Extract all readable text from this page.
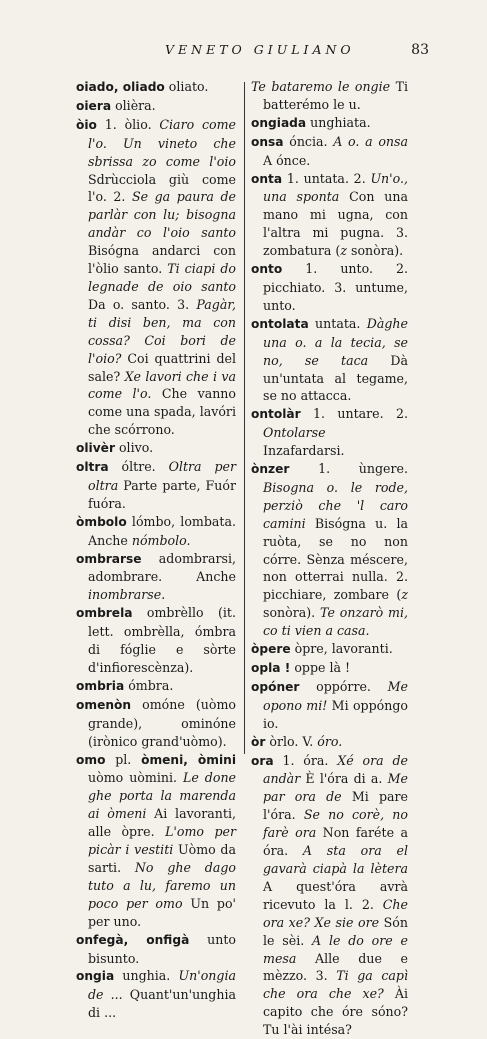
VENETO GIULIANO	83

oiado, oliado oliato.

oiera olièra.

òio 1. òlio. Ciaro come l'o. Un vineto che sbrissa zo come l'oio Sdrùcciola giù come l'o. 2. Se ga paura de parlàr con lu; bisogna andàr co l'oio santo Bisógna andarci con l'òlio santo. Ti ciapi do legnade de oio santo Da o. santo. 3. Pagàr, ti disi ben, ma con cossa? Coi bori de l'oio? Coi quattrini del sale? Xe lavori che i va come l'o. Che vanno come una spada, lavóri che scórrono.

olivèr olivo.

oltra óltre. Oltra per oltra Parte parte, Fuór fuóra.

òmbolo lómbo, lombata. Anche nómbolo.

ombrarse adombrarsi, adombrare. Anche inombrarse.

ombrela ombrèllo (it. lett. ombrèlla, ómbra di fóglie e sòrte d'infiorescènza).

ombria ómbra.

omenòn omóne (uòmo grande), ominóne (irònico grand'uòmo).

omo pl. òmeni, òmini uòmo uòmini. Le done ghe porta la marenda ai òmeni Ai lavoranti, alle òpre. L'omo per picàr i vestiti Uòmo da sarti. No ghe dago tuto a lu, faremo un poco per omo Un po' per uno.

onfegà, onfigà unto bisunto.

ongia unghia. Un'ongia de ... Quant'un'unghia di ...

Te bataremo le ongie Ti batterémo le u.

ongiada unghiata.

onsa óncia. A o. a onsa A ónce.

onta 1. untata. 2. Un'o., una sponta Con una mano mi ugna, con l'altra mi pugna. 3. zombatura (z sonòra).

onto 1. unto. 2. picchiato. 3. untume, unto.

ontolata untata. Dàghe una o. a la tecia, se no, se taca Dà un'untata al tegame, se no attacca.

ontolàr 1. untare. 2. Ontolarse Inzafardarsi.

ònzer 1. ùngere. Bisogna o. le rode, perziò che 'l caro camini Bisógna u. la ruòta, se no non córre. Sènza méscere, non otterrai nulla. 2. picchiare, zombare (z sonòra). Te onzarò mi, co ti vien a casa.

òpere òpre, lavoranti.

opla ! oppe là !

opóner oppórre. Me opono mi! Mi oppóngo io.

òr òrlo. V. óro.

ora 1. óra. Xé ora de andàr È l'óra di a. Me par ora de Mi pare l'óra. Se no corè, no farè ora Non faréte a óra. A sta ora el gavarà ciapà la lètera A quest'óra avrà ricevuto la l. 2. Che ora xe? Xe sie ore Són le sèi. A le do ore e mesa Alle due e mèzzo. 3. Ti ga capì che ora che xe? Ài capito che óre sóno? Tu l'ài intésa?
